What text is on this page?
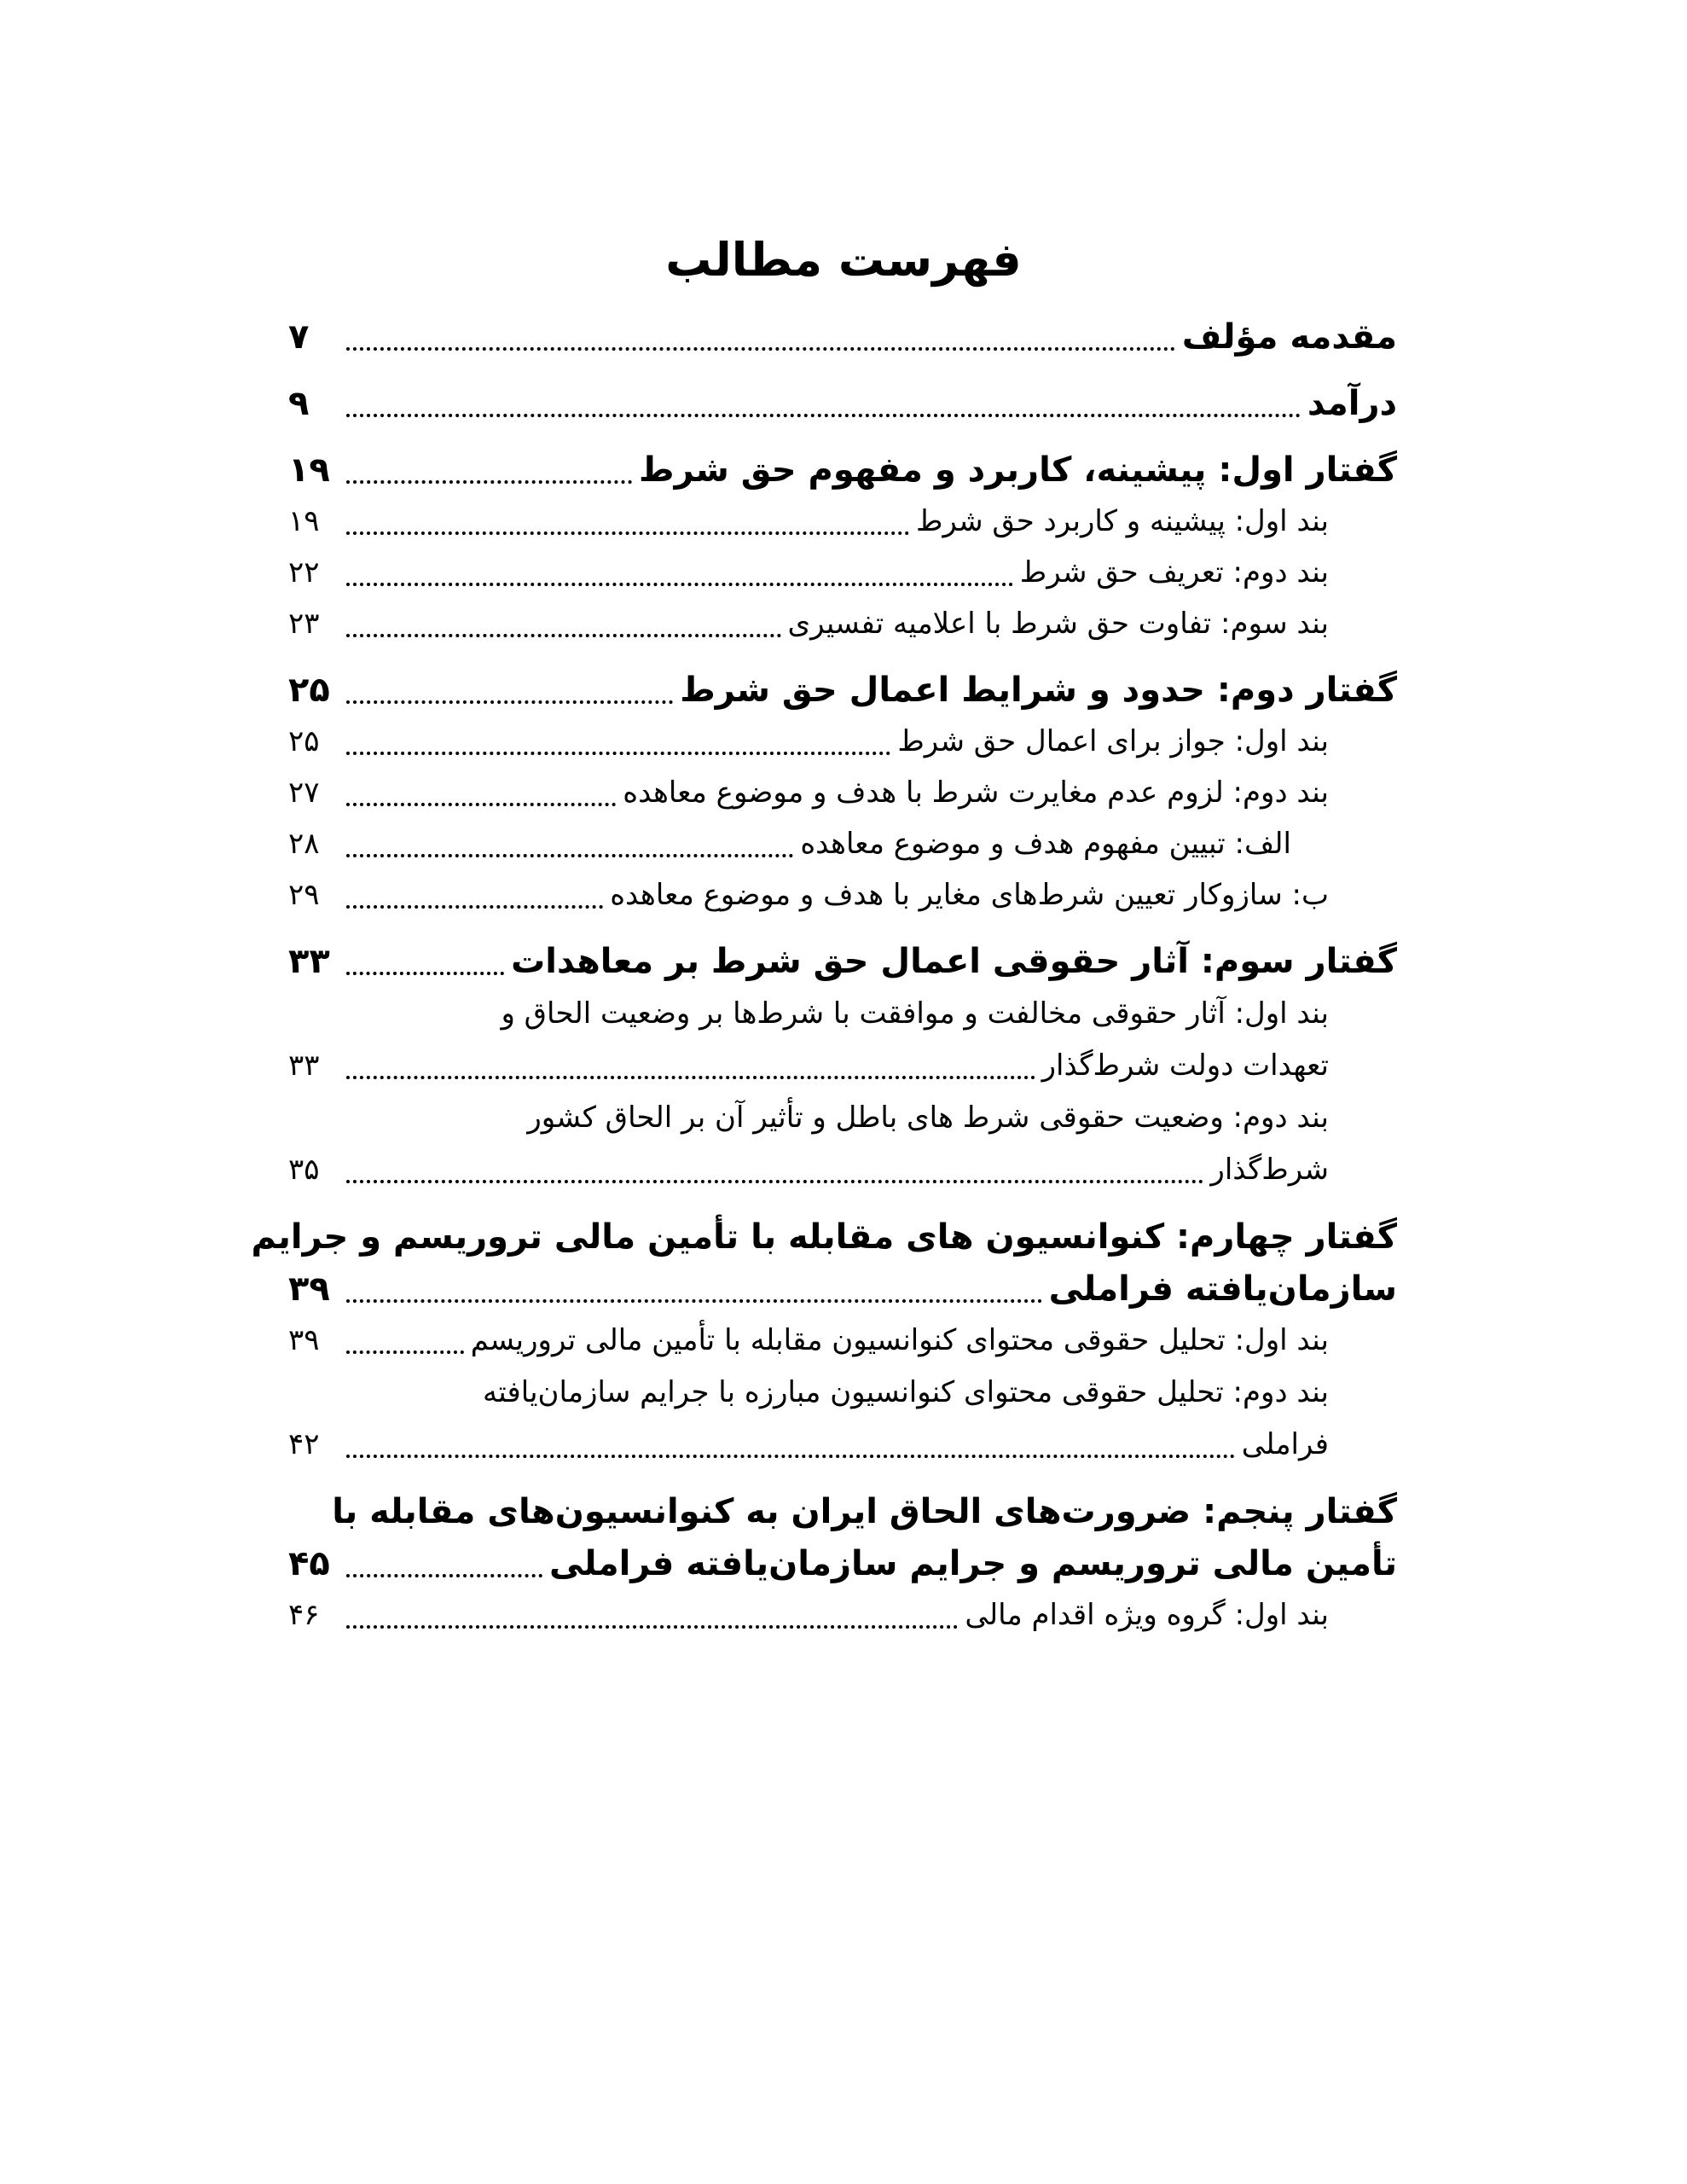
فهرست مطالب
مقدمه مؤلف
۷
درآمد
۹
گفتار اول: پیشینه، کاربرد و مفهوم حق شرط
۱۹
بند اول: پیشینه و کاربرد حق شرط
۱۹
بند دوم: تعریف حق شرط
۲۲
بند سوم: تفاوت حق شرط با اعلامیه تفسیری
۲۳
گفتار دوم: حدود و شرایط اعمال حق شرط
۲۵
بند اول: جواز برای اعمال حق شرط
۲۵
بند دوم: لزوم عدم مغایرت شرط با هدف و موضوع معاهده
۲۷
الف: تبیین مفهوم هدف و موضوع معاهده
۲۸
ب: سازوکار تعیین شرط‌های مغایر با هدف و موضوع معاهده
۲۹
گفتار سوم: آثار حقوقی اعمال حق شرط بر معاهدات
۳۳
بند اول: آثار حقوقی مخالفت و موافقت با شرط‌ها بر وضعیت الحاق و
تعهدات دولت شرط‌گذار
۳۳
بند دوم: وضعیت حقوقی شرط های باطل و تأثیر آن بر الحاق کشور
شرط‌گذار
۳۵
گفتار چهارم: کنوانسیون های مقابله با تأمین مالی تروریسم و جرایم
سازمان‌یافته فراملی
۳۹
بند اول: تحلیل حقوقی محتوای کنوانسیون مقابله با تأمین مالی تروریسم
۳۹
بند دوم: تحلیل حقوقی محتوای کنوانسیون مبارزه با جرایم سازمان‌یافته
فراملی
۴۲
گفتار پنجم: ضرورت‌های الحاق ایران به کنوانسیون‌های مقابله با
تأمین مالی تروریسم و جرایم سازمان‌یافته فراملی
۴۵
بند اول: گروه ویژه اقدام مالی
۴۶
